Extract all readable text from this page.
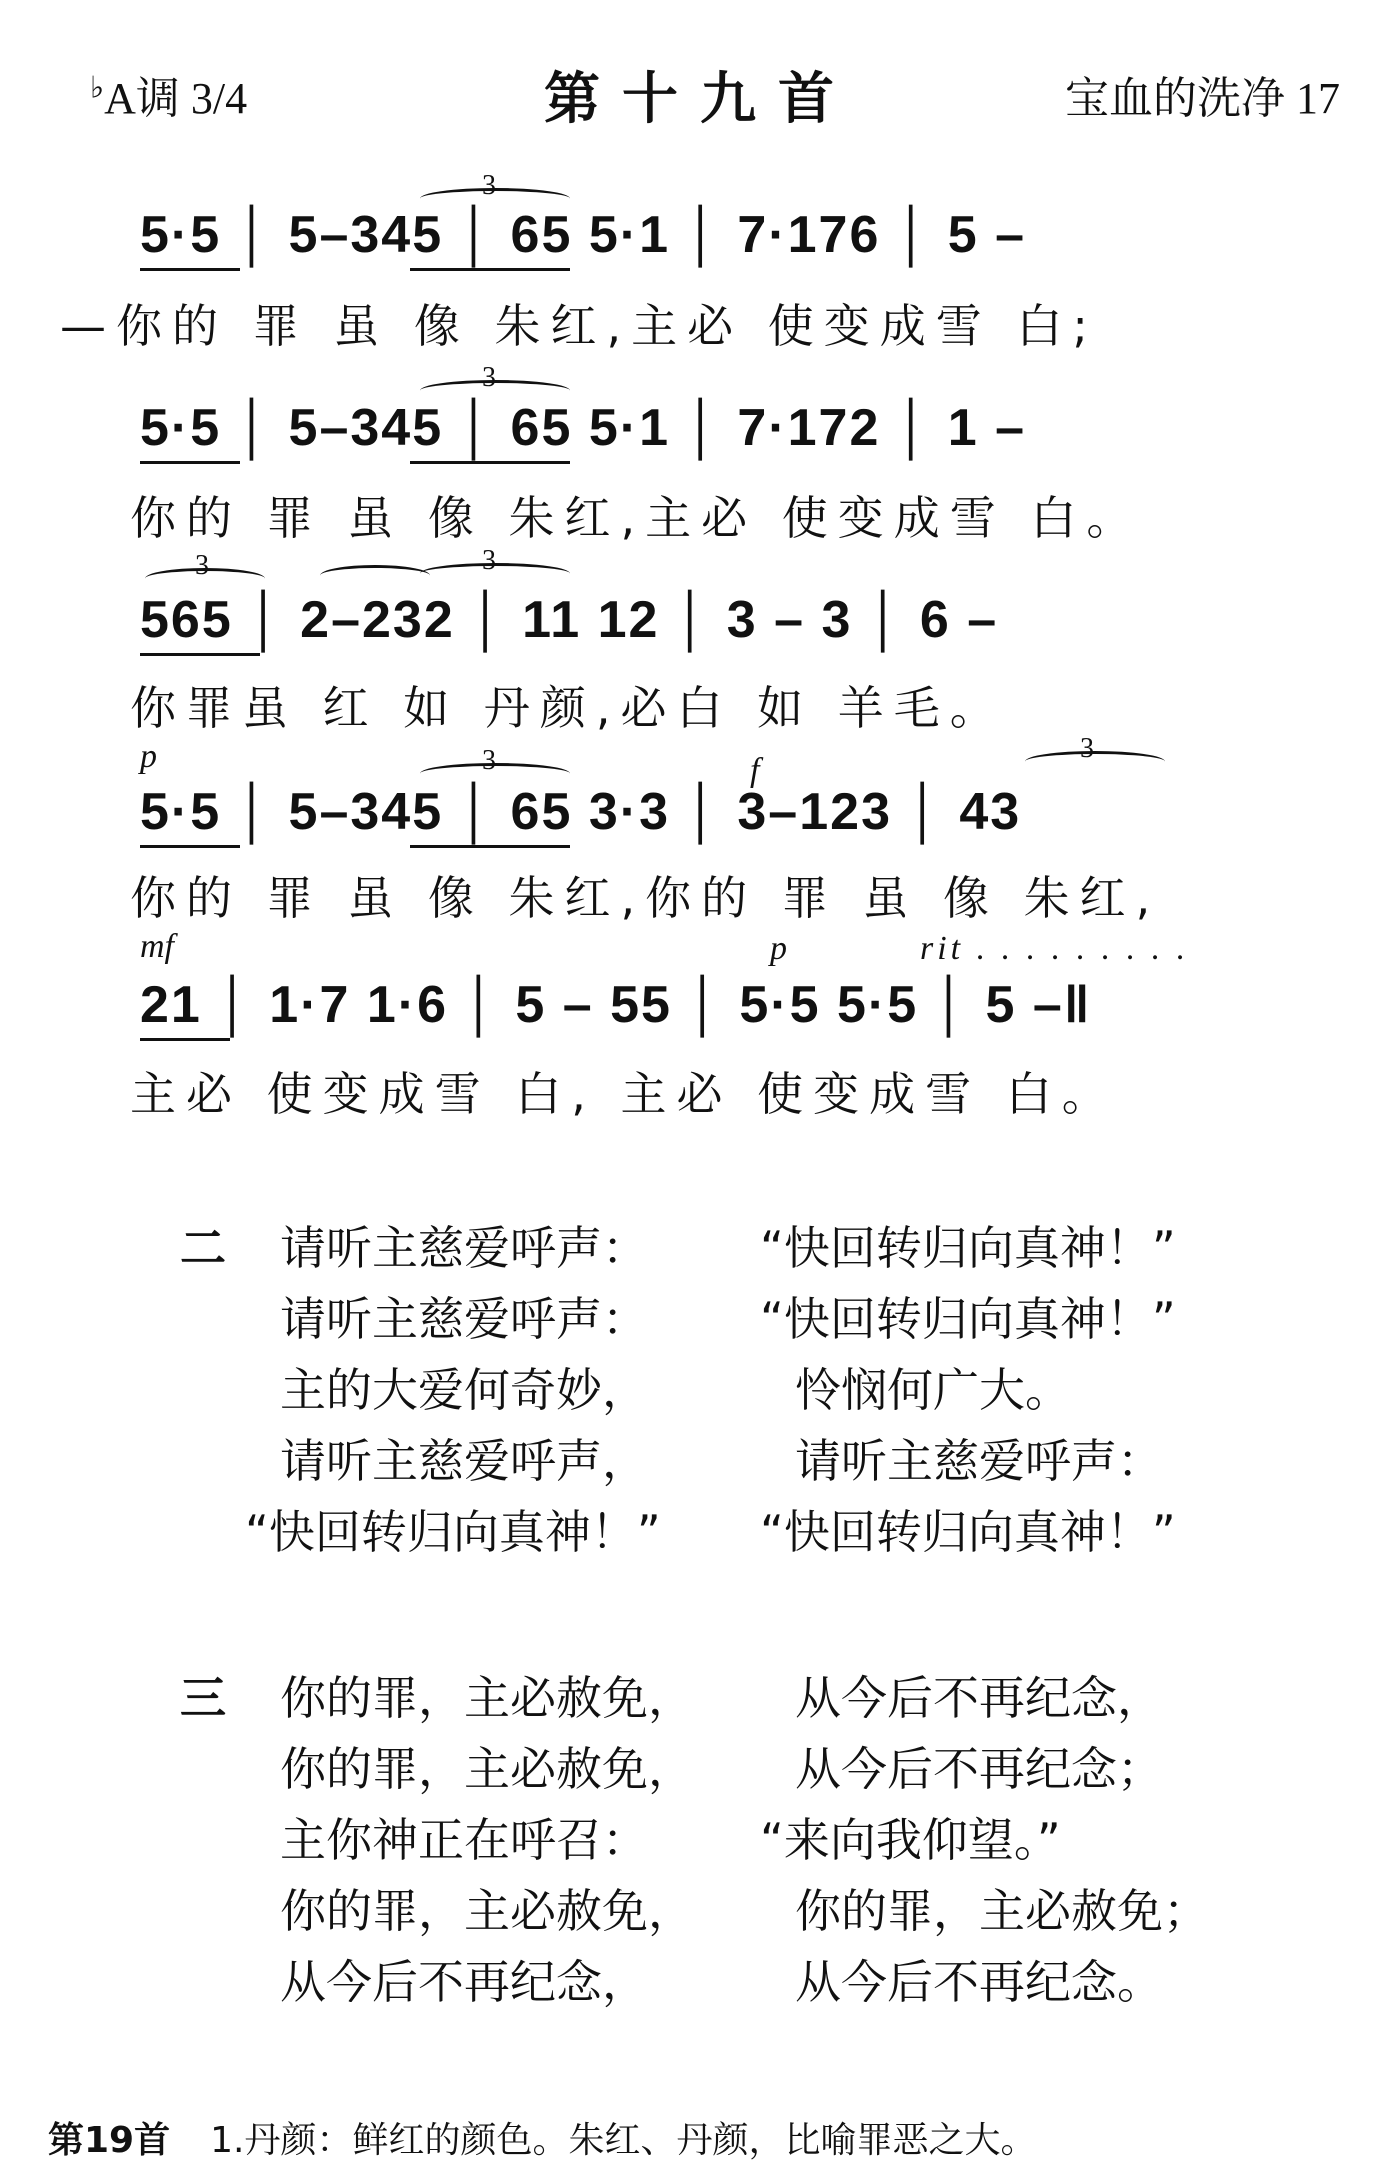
♭A调 3/4	第十九首	宝血的洗净 17
3
5·5 │ 5–345 │ 65 5·1 │ 7·176 │ 5 –
—你的 罪 虽 像 朱红,主必 使变成雪 白;
3
5·5 │ 5–345 │ 65 5·1 │ 7·172 │ 1 –
你的 罪 虽 像 朱红,主必 使变成雪 白。
3	3
565 │ 2–232 │ 11 12 │ 3 – 3 │ 6 –
你罪虽 红 如 丹颜,必白 如 羊毛。
p	f
3	3
5·5 │ 5–345 │ 65 3·3 │ 3–123 │ 43
你的 罪 虽 像 朱红,你的 罪 虽 像 朱红,
mf	p	rit . . . . . . . . .
21 │ 1·7 1·6 │ 5 – 55 │ 5·5 5·5 │ 5 –‖
主必 使变成雪 白, 主必 使变成雪 白。
二 请听主慈爱呼声： “快回转归向真神！”
请听主慈爱呼声： “快回转归向真神！”
主的大爱何奇妙，	怜悯何广大。
请听主慈爱呼声，	请听主慈爱呼声：
“快回转归向真神！” “快回转归向真神！”
三 你的罪，主必赦免， 从今后不再纪念，
你的罪，主必赦免， 从今后不再纪念；
主你神正在呼召： “来向我仰望。”
你的罪，主必赦免， 你的罪，主必赦免；
从今后不再纪念，	从今后不再纪念。
第19首 1.丹颜：鲜红的颜色。朱红、丹颜，比喻罪恶之大。
